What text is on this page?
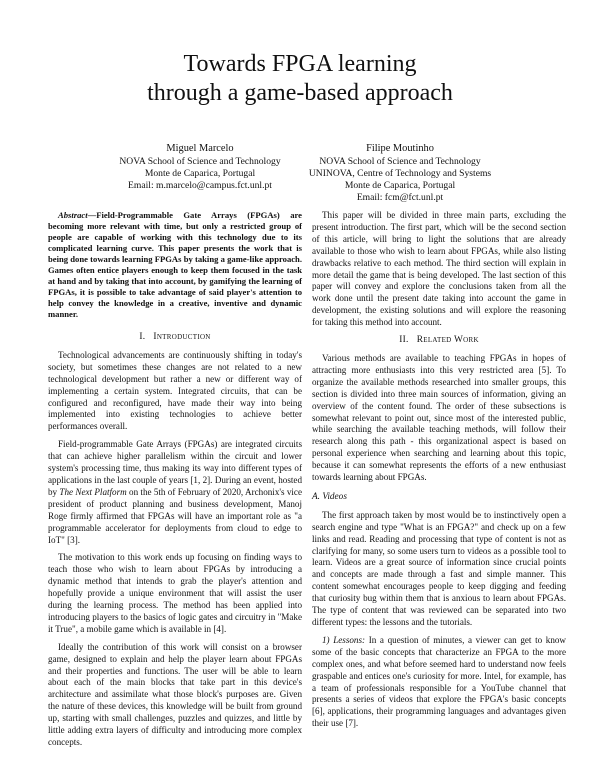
Towards FPGA learning
through a game-based approach
Miguel Marcelo
NOVA School of Science and Technology
Monte de Caparica, Portugal
Email: m.marcelo@campus.fct.unl.pt
Filipe Moutinho
NOVA School of Science and Technology
UNINOVA, Centre of Technology and Systems
Monte de Caparica, Portugal
Email: fcm@fct.unl.pt

Abstract—Field-Programmable Gate Arrays (FPGAs) are becoming more relevant with time, but only a restricted group of people are capable of working with this technology due to its complicated learning curve. This paper presents the work that is being done towards learning FPGAs by taking a game-like approach. Games often entice players enough to keep them focused in the task at hand and by taking that into account, by gamifying the learning of FPGAs, it is possible to take advantage of said player's attention to help convey the knowledge in a creative, inventive and dynamic manner.

I. Introduction

Technological advancements are continuously shifting in today's society, but sometimes these changes are not related to a new technological development but rather a new or different way of implementing a certain system. Integrated circuits, that can be configured and reconfigured, have made their way into being implemented into existing technologies to achieve better performances overall.

Field-programmable Gate Arrays (FPGAs) are integrated circuits that can achieve higher parallelism within the circuit and lower system's processing time, thus making its way into different types of applications in the last couple of years [1, 2]. During an event, hosted by The Next Platform on the 5th of February of 2020, Archonix's vice president of product planning and business development, Manoj Roge firmly affirmed that FPGAs will have an important role as "a programmable accelerator for deployments from cloud to edge to IoT" [3].

The motivation to this work ends up focusing on finding ways to teach those who wish to learn about FPGAs by introducing a dynamic method that intends to grab the player's attention and hopefully provide a unique environment that will assist the user during the learning process. The method has been applied into introducing players to the basics of logic gates and circuitry in "Make it True", a mobile game which is available in [4].

Ideally the contribution of this work will consist on a browser game, designed to explain and help the player learn about FPGAs and their properties and functions. The user will be able to learn about each of the main blocks that take part in this device's architecture and assimilate what those block's purposes are. Given the nature of these devices, this knowledge will be built from ground up, starting with small challenges, puzzles and quizzes, and little by little adding extra layers of difficulty and introducing more complex concepts.

This paper will be divided in three main parts, excluding the present introduction. The first part, which will be the second section of this article, will bring to light the solutions that are already available to those who wish to learn about FPGAs, while also listing drawbacks relative to each method. The third section will explain in more detail the game that is being developed. The last section of this paper will convey and explore the conclusions taken from all the work done until the present date taking into account the game in development, the existing solutions and will explore the reasoning for taking this method into account.

II. Related Work

Various methods are available to teaching FPGAs in hopes of attracting more enthusiasts into this very restricted area [5]. To organize the available methods researched into smaller groups, this section is divided into three main sources of information, giving an overview of the content found. The order of these subsections is somewhat relevant to point out, since most of the interested public, while searching the available teaching methods, will follow their research along this path - this organizational aspect is based on personal experience when searching and learning about this topic, because it can somewhat represents the efforts of a new enthusiast towards learning about FPGAs.

A. Videos

The first approach taken by most would be to instinctively open a search engine and type "What is an FPGA?" and check up on a few links and read. Reading and processing that type of content is not as clarifying for many, so some users turn to videos as a possible tool to learn. Videos are a great source of information since crucial points and concepts are made through a fast and simple manner. This content somewhat encourages people to keep digging and feeding that curiosity bug within them that is anxious to learn about FPGAs. The type of content that was reviewed can be separated into two different types: the lessons and the tutorials.

1) Lessons: In a question of minutes, a viewer can get to know some of the basic concepts that characterize an FPGA to the more complex ones, and what before seemed hard to understand now feels graspable and entices one's curiosity for more. Intel, for example, has a team of professionals responsible for a YouTube channel that presents a series of videos that explore the FPGA's basic concepts [6], applications, their programming languages and advantages given their use [7].
